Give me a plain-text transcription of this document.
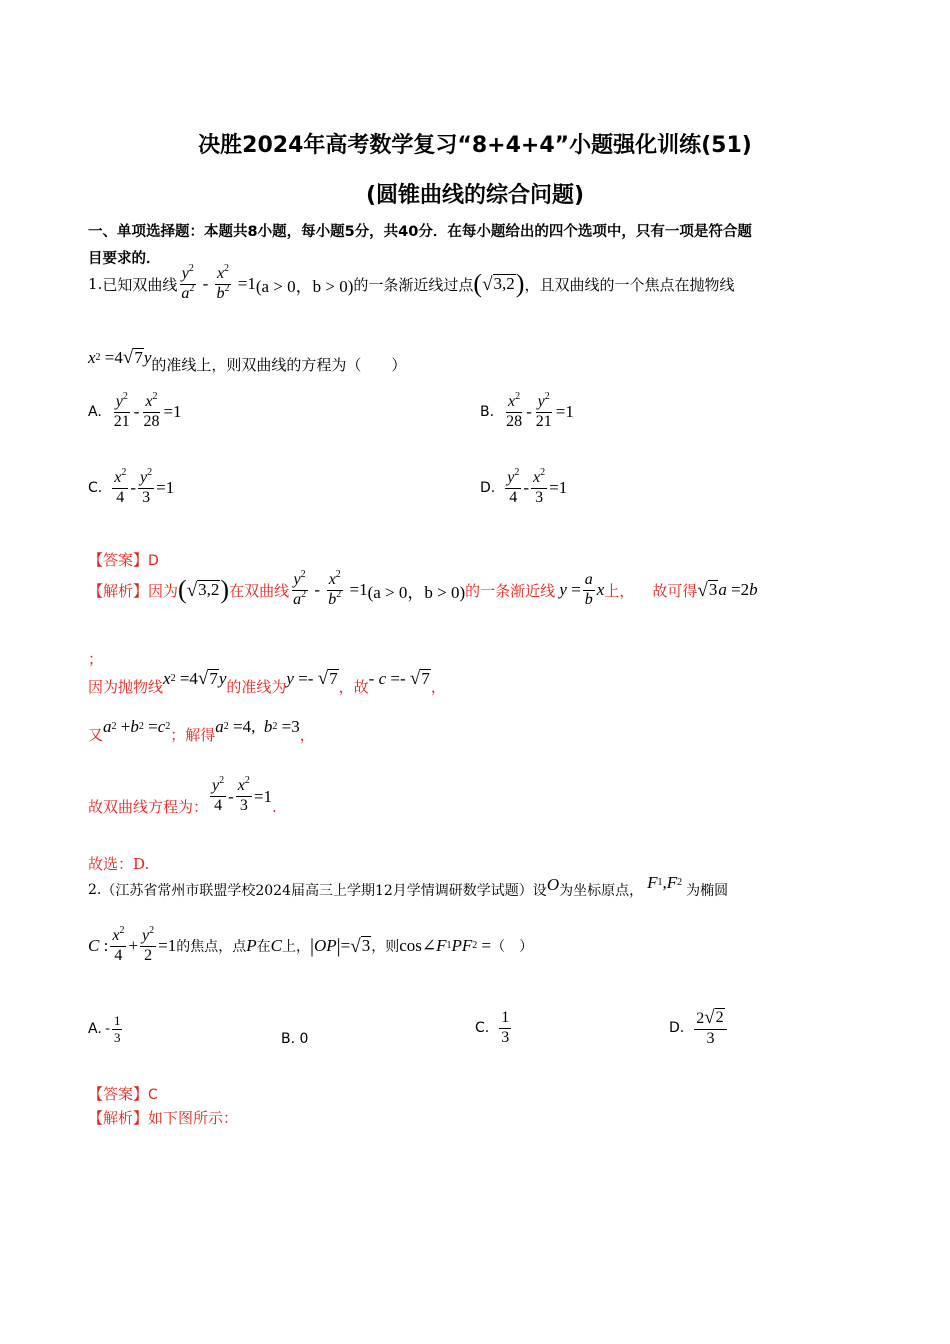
决胜2024年高考数学复习“8+4+4”小题强化训练(51)
(圆锥曲线的综合问题)
一、单项选择题：本题共8小题，每小题5分，共40分．在每小题给出的四个选项中，只有一项是符合题
目要求的．
1. 已知双曲线 $\frac{y^2}{a^2} - \frac{x^2}{b^2} =1$ (a > 0，b > 0) 的一条渐近线过点 ( √ 3,2 ) ，且双曲线的一个焦点在抛物线
x 2 =4 √ 7 y 的准线上，则双曲线的方程为（　　）
A. $\frac{y^2}{21} - \frac{x^2}{28} =1$	B. $\frac{x^2}{28} - \frac{y^2}{21} =1$
C. $\frac{x^2}{4} - \frac{y^2}{3} =1$	D. $\frac{y^2}{4} - \frac{x^2}{3} =1$
【答案】D
【解析】 因为 ( √ 3,2 ) 在双曲线 $\frac{y^2}{a^2} - \frac{x^2}{b^2} =1$ (a > 0，b > 0) 的一条渐近线
$y = \frac{a}{b}$ x 上， 故可得 √ 3 a =2 b
；
因为抛物线 x 2 =4 √ 7 y 的准线为 y =- √ 7 ，故 - c =- √ 7 ，
又 a 2 + b 2 = c 2 ；解得 a 2 =4, b 2 =3 ，
故双曲线方程为： $\frac{y^2}{4} - \frac{x^2}{3} =1$
.
故选：D.
2. （江苏省常州市联盟学校2024届高三上学期12月学情调研数学试题）设 O 为坐标原点， F 1 , F 2
为椭圆
C : $\frac{x^2}{4} + \frac{y^2}{2} =1$ 的焦点，点 P 在 C 上， | OP | = √ 3 ，则 cos∠ F 1 PF 2 = （　）
A. - $\frac{1}{3}$	B. 0
C. $\frac{1}{3}$	D. $\frac{2 √ 2}{3}$
【答案】C
【解析】如下图所示：
